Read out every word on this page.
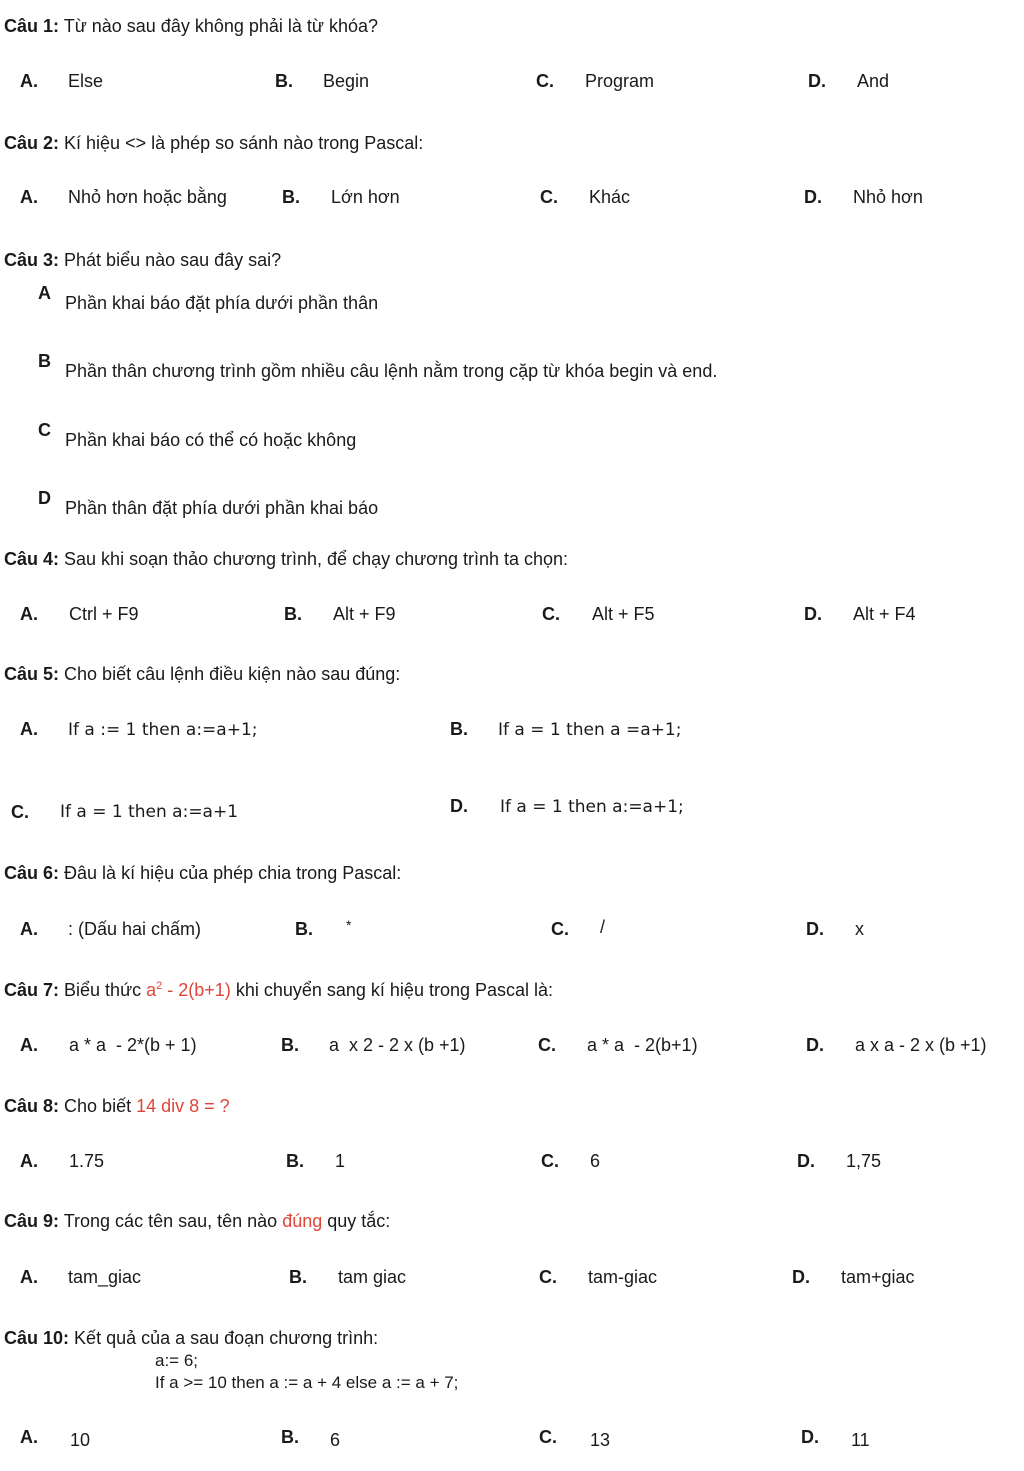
Câu 1: Từ nào sau đây không phải là từ khóa?
A. Else	B. Begin	C. Program	D. And
Câu 2: Kí hiệu <> là phép so sánh nào trong Pascal:
A. Nhỏ hơn hoặc bằng	B. Lớn hơn	C. Khác	D. Nhỏ hơn
Câu 3: Phát biểu nào sau đây sai?
A Phần khai báo đặt phía dưới phần thân
B Phần thân chương trình gồm nhiều câu lệnh nằm trong cặp từ khóa begin và end.
C Phần khai báo có thể có hoặc không
D Phần thân đặt phía dưới phần khai báo
Câu 4: Sau khi soạn thảo chương trình, để chạy chương trình ta chọn:
A. Ctrl + F9	B. Alt + F9	C. Alt + F5	D. Alt + F4
Câu 5: Cho biết câu lệnh điều kiện nào sau đúng:
A. If a := 1 then a:=a+1;	B. If a = 1 then a =a+1;
C. If a = 1 then a:=a+1	D. If a = 1 then a:=a+1;
Câu 6: Đâu là kí hiệu của phép chia trong Pascal:
A. : (Dấu hai chấm)	B. *	C. /	D. x
Câu 7: Biểu thức $a^2 - 2(b+1)$ khi chuyển sang kí hiệu trong Pascal là:
A. a * a  - 2*(b + 1)	B. a  x 2 - 2 x (b +1)	C. a * a  - 2(b+1)	D. a x a - 2 x (b +1)
Câu 8: Cho biết 14 div 8 = ?
A. 1.75	B. 1	C. 6	D. 1,75
Câu 9: Trong các tên sau, tên nào đúng quy tắc:
A. tam_giac	B. tam giac	C. tam-giac	D. tam+giac
Câu 10: Kết quả của a sau đoạn chương trình:
a:= 6;
If a >= 10 then a := a + 4 else a := a + 7;
A. 10	B. 6	C. 13	D. 11
